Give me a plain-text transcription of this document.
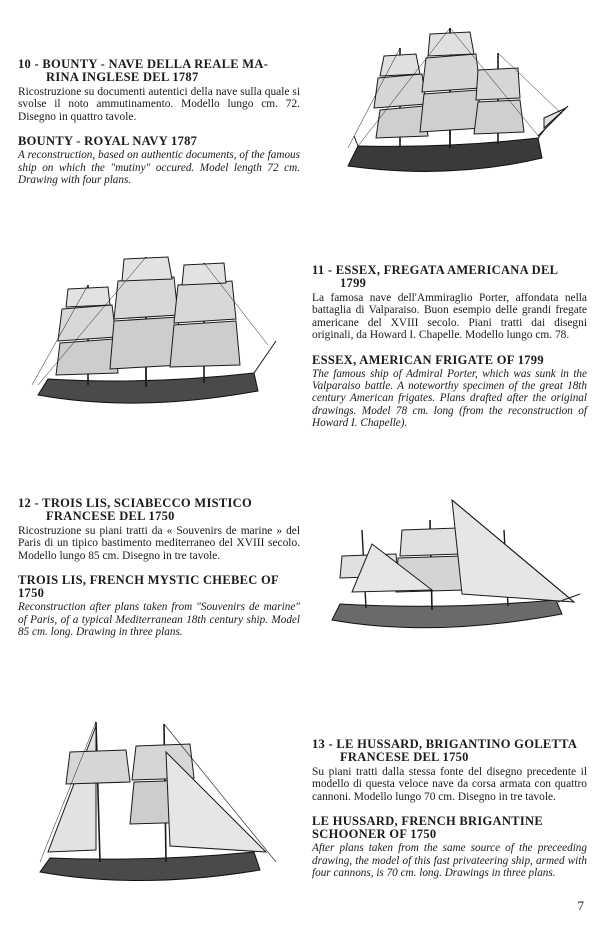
10 - BOUNTY - NAVE DELLA REALE MA-
RINA INGLESE DEL 1787

Ricostruzione su documenti autentici della nave sulla quale si svolse il noto ammutinamento. Modello lungo cm. 72. Disegno in quattro tavole.

BOUNTY - ROYAL NAVY 1787

A reconstruction, based on authentic documents, of the famous ship on which the "mutiny" occured. Model length 72 cm. Drawing with four plans.

11 - ESSEX, FREGATA AMERICANA DEL
1799

La famosa nave dell'Ammiraglio Porter, affondata nella battaglia di Valparaiso. Buon esempio delle grandi fregate americane del XVIII secolo. Piani tratti dai disegni originali, da Howard I. Chapelle. Modello lungo cm. 78.

ESSEX, AMERICAN FRIGATE OF 1799

The famous ship of Admiral Porter, which was sunk in the Valparaiso battle. A noteworthy specimen of the great 18th century American frigates. Plans drafted after the original drawings. Model 78 cm. long (from the reconstruction of Howard I. Chapelle).

12 - TROIS LIS, SCIABECCO MISTICO
FRANCESE DEL 1750

Ricostruzione su piani tratti da « Souvenirs de marine » del Paris di un tipico bastimento mediterraneo del XVIII secolo. Modello lungo 85 cm. Disegno in tre tavole.

TROIS LIS, FRENCH MYSTIC CHEBEC OF 1750

Reconstruction after plans taken from "Souvenirs de marine" of Paris, of a typical Mediterranean 18th century ship. Model 85 cm. long. Drawing in three plans.

13 - LE HUSSARD, BRIGANTINO GOLETTA
FRANCESE DEL 1750

Su piani tratti dalla stessa fonte del disegno precedente il modello di questa veloce nave da corsa armata con quattro cannoni. Modello lungo 70 cm. Disegno in tre tavole.

LE HUSSARD, FRENCH BRIGANTINE SCHOONER OF 1750

After plans taken from the same source of the preceeding drawing, the model of this fast privateering ship, armed with four cannons, is 70 cm. long. Drawings in three plans.

7
